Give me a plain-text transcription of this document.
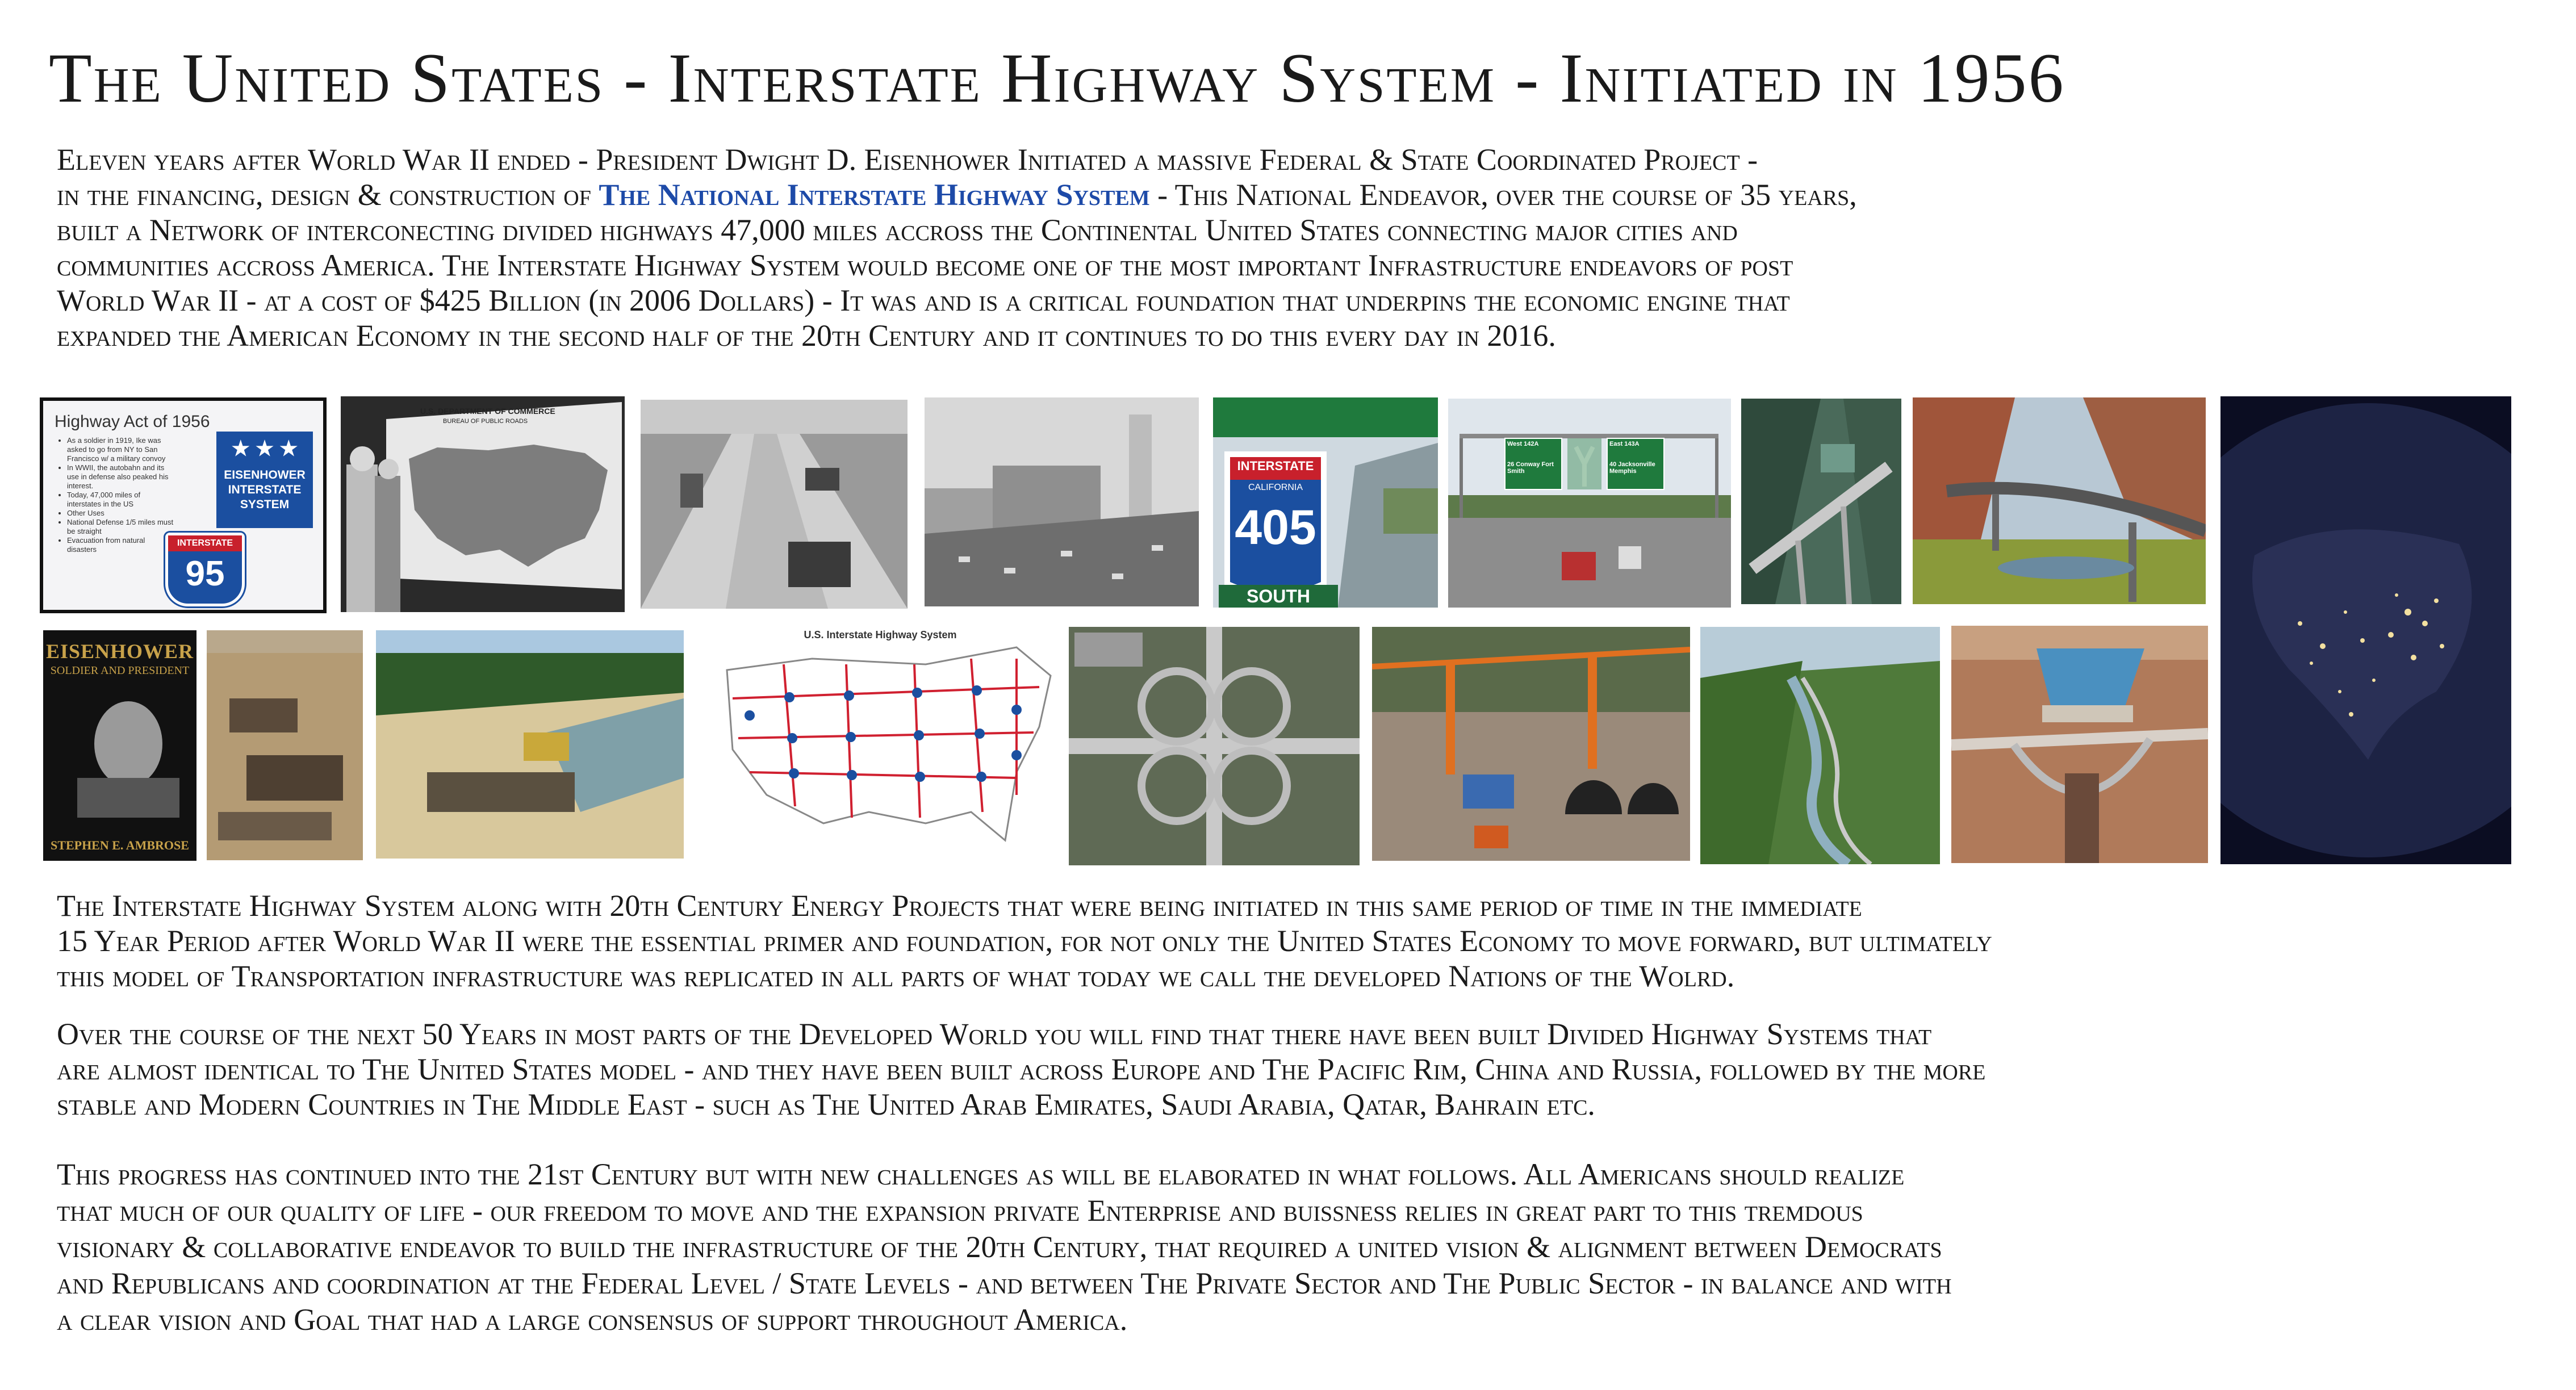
The United States - Interstate Highway System - Initiated in 1956
Eleven years after World War II ended - President Dwight D. Eisenhower Initiated a massive Federal & State Coordinated Project -
in the financing, design & construction of The National Interstate Highway System - This National Endeavor, over the course of 35 years,
built a Network of interconecting divided highways 47,000 miles accross the Continental United States connecting major cities and
communities accross America. The Interstate Highway System would become one of the most important Infrastructure endeavors of post
World War II - at a cost of $425 Billion (in 2006 Dollars) - It was and is a critical foundation that underpins the economic engine that
expanded the American Economy in the second half of the 20th Century and it continues to do this every day in 2016.
Highway Act of 1956
• As a soldier in 1919, Ike was asked to go from NY to San Francisco w/ a military convoy
• In WWII, the autobahn and its use in defense also peaked his interest.
• Today, 47,000 miles of interstates in the US
• Other Uses
• National Defense 1/5 miles must be straight
• Evacuation from natural disasters
★ ★ ★
EISENHOWER INTERSTATE SYSTEM
INTERSTATE
95
U.S. DEPARTMENT OF COMMERCE
BUREAU OF PUBLIC ROADS
INTERSTATE
CALIFORNIA
405
SOUTH
West 142A
26 Conway Fort Smith
East 143A
40 Jacksonville Memphis
EISENHOWER
SOLDIER AND PRESIDENT
STEPHEN E. AMBROSE
U.S. Interstate Highway System
The Interstate Highway System along with 20th Century Energy Projects that were being initiated in this same period of time in the immediate
15 Year Period after World War II were the essential primer and foundation, for not only the United States Economy to move forward, but ultimately
this model of Transportation infrastructure was replicated in all parts of what today we call the developed Nations of the Wolrd.
Over the course of the next 50 Years in most parts of the Developed World you will find that there have been built Divided Highway Systems that
are almost identical to The United States model - and they have been built across Europe and The Pacific Rim, China and Russia, followed by the more
stable and Modern Countries in The Middle East - such as The United Arab Emirates, Saudi Arabia, Qatar, Bahrain etc.
This progress has continued into the 21st Century but with new challenges as will be elaborated in what follows. All Americans should realize
that much of our quality of life - our freedom to move and the expansion private Enterprise and buissness relies in great part to this tremdous
visionary & collaborative endeavor to build the infrastructure of the 20th Century, that required a united vision & alignment between Democrats
and Republicans and coordination at the Federal Level / State Levels - and between The Private Sector and The Public Sector - in balance and with
a clear vision and Goal that had a large consensus of support throughout America.
